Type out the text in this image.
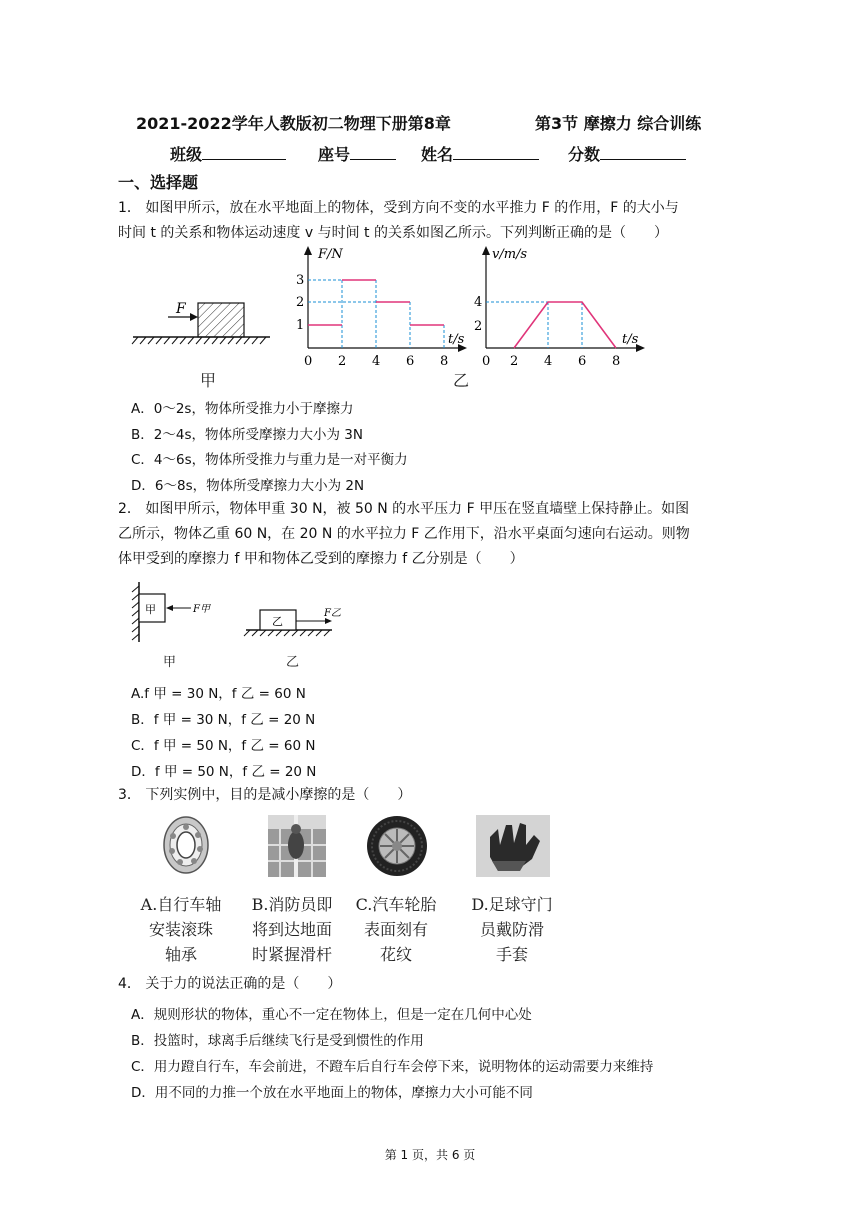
2021-2022学年人教版初二物理下册第8章	第3节 摩擦力 综合训练
班级	座号	姓名	分数
一、选择题
1． 如图甲所示，放在水平地面上的物体，受到方向不变的水平推力 F 的作用，F 的大小与
时间 t 的关系和物体运动速度 v 与时间 t 的关系如图乙所示。下列判断正确的是（　　）
F
甲
F/N
t/s
1
2
3
0 2 4 6 8
v/m/s
t/s
2
4
0 2 4 6 8
乙
A．0～2s，物体所受推力小于摩擦力
B．2～4s，物体所受摩擦力大小为 3N
C．4～6s，物体所受推力与重力是一对平衡力
D．6～8s，物体所受摩擦力大小为 2N
2． 如图甲所示，物体甲重 30 N，被 50 N 的水平压力 F 甲压在竖直墙壁上保持静止。如图
乙所示，物体乙重 60 N，在 20 N 的水平拉力 F 乙作用下，沿水平桌面匀速向右运动。则物
体甲受到的摩擦力 f 甲和物体乙受到的摩擦力 f 乙分别是（　　）
甲	F甲
甲
乙
F乙
乙
A.f 甲 = 30 N，f 乙 = 60 N
B．f 甲 = 30 N，f 乙 = 20 N
C．f 甲 = 50 N，f 乙 = 60 N
D．f 甲 = 50 N，f 乙 = 20 N
3． 下列实例中，目的是减小摩擦的是（　　）
A.自行车轴
安装滚珠
轴承
B.消防员即
将到达地面
时紧握滑杆
C.汽车轮胎
表面刻有
花纹
D.足球守门
员戴防滑
手套
4． 关于力的说法正确的是（　　）
A．规则形状的物体，重心不一定在物体上，但是一定在几何中心处
B．投篮时，球离手后继续飞行是受到惯性的作用
C．用力蹬自行车，车会前进，不蹬车后自行车会停下来，说明物体的运动需要力来维持
D．用不同的力推一个放在水平地面上的物体，摩擦力大小可能不同
第 1 页，共 6 页
